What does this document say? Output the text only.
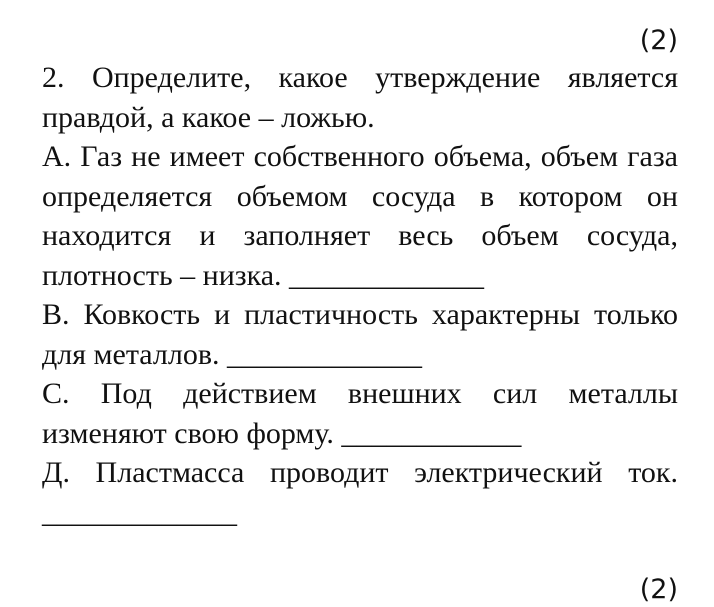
(2)

2. Определите, какое утверждение является правдой, а какое – ложью.

А. Газ не имеет собственного объема, объем газа определяется объемом сосуда в котором он находится и заполняет весь объем сосуда, плотность – низка. _____________

В. Ковкость и пластичность характерны только для металлов. _____________

С. Под действием внешних сил металлы изменяют свою форму. ____________

Д. Пластмасса проводит электрический ток. _____________

(2)
